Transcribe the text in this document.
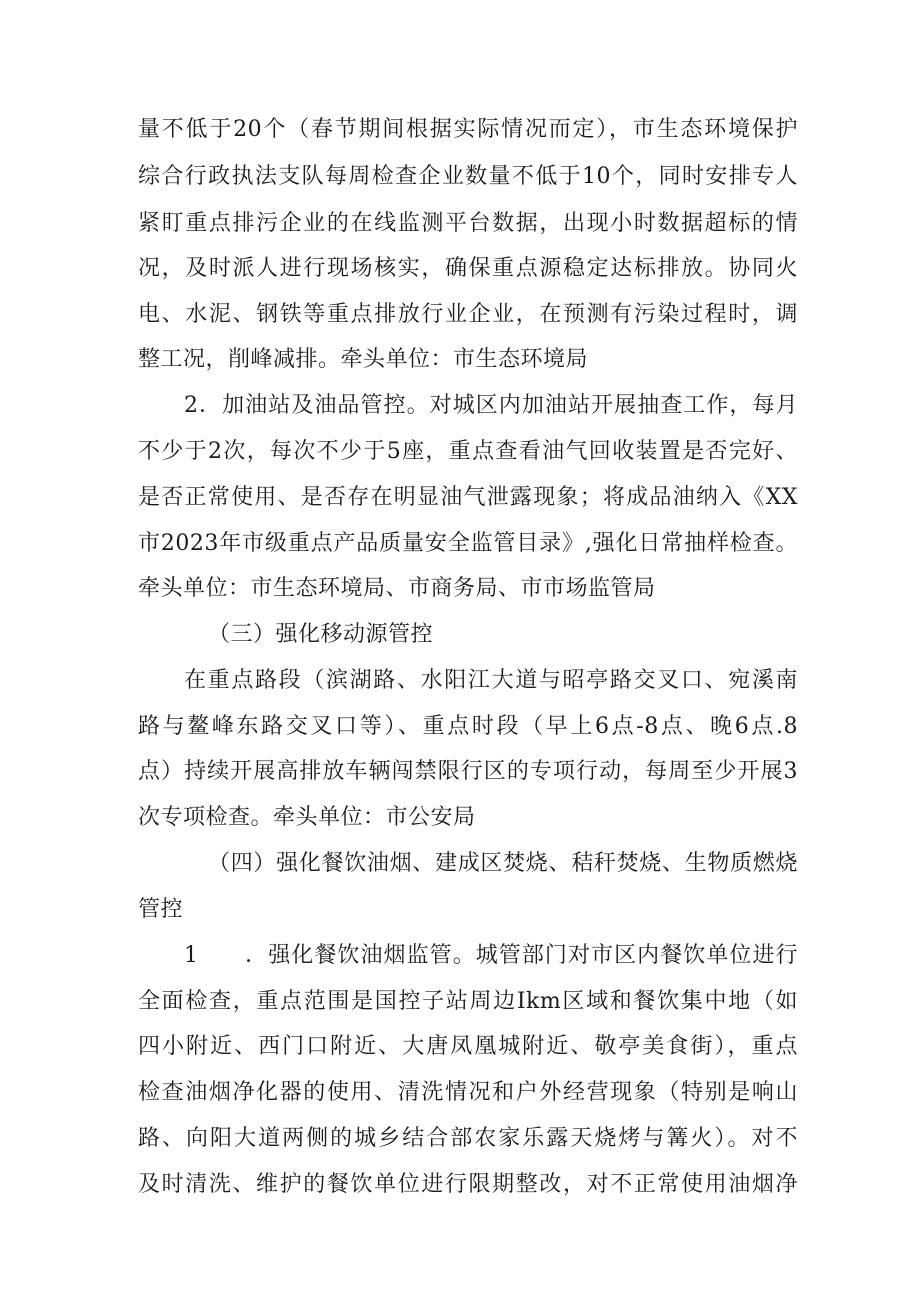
量不低于20个（春节期间根据实际情况而定），市生态环境保护
综合行政执法支队每周检查企业数量不低于10个，同时安排专人
紧盯重点排污企业的在线监测平台数据，出现小时数据超标的情
况，及时派人进行现场核实，确保重点源稳定达标排放。协同火
电、水泥、钢铁等重点排放行业企业，在预测有污染过程时，调
整工况，削峰减排。牵头单位：市生态环境局
2．加油站及油品管控。对城区内加油站开展抽查工作，每月
不少于2次，每次不少于5座，重点查看油气回收装置是否完好、
是否正常使用、是否存在明显油气泄露现象；将成品油纳入《XX
市2023年市级重点产品质量安全监管目录》,强化日常抽样检查。
牵头单位：市生态环境局、市商务局、市市场监管局
（三）强化移动源管控
在重点路段（滨湖路、水阳江大道与昭亭路交叉口、宛溪南
路与鳌峰东路交叉口等）、重点时段（早上6点-8点、晚6点.8
点）持续开展高排放车辆闯禁限行区的专项行动，每周至少开展3
次专项检查。牵头单位：市公安局
（四）强化餐饮油烟、建成区焚烧、秸秆焚烧、生物质燃烧
管控
1　　．强化餐饮油烟监管。城管部门对市区内餐饮单位进行
全面检查，重点范围是国控子站周边Ikm区域和餐饮集中地（如
四小附近、西门口附近、大唐凤凰城附近、敬亭美食街），重点
检查油烟净化器的使用、清洗情况和户外经营现象（特别是响山
路、向阳大道两侧的城乡结合部农家乐露天烧烤与篝火）。对不
及时清洗、维护的餐饮单位进行限期整改，对不正常使用油烟净
